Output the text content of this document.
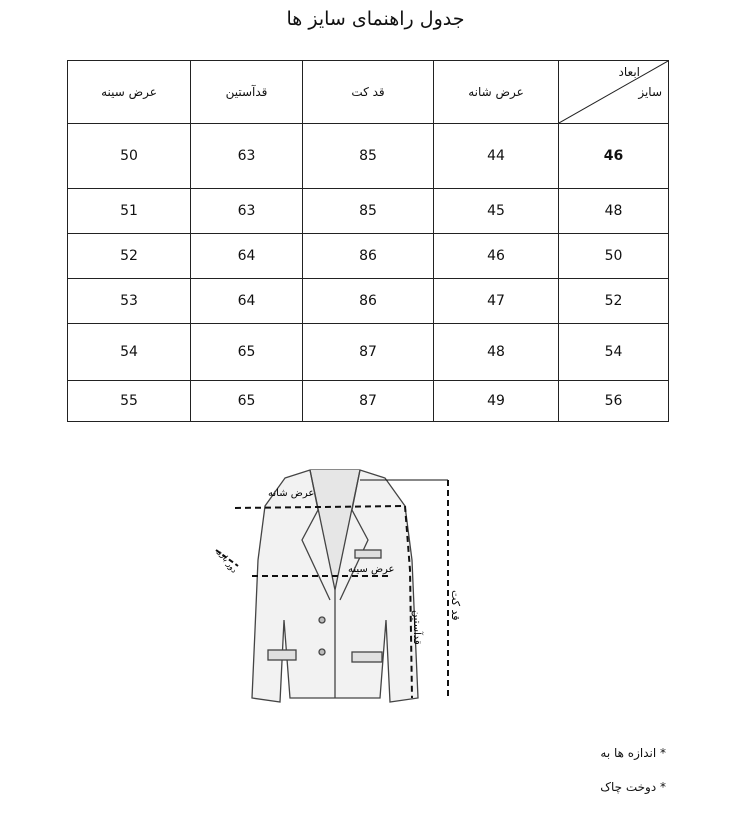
جدول راهنمای سایز ها
عرض سینه	قدآستین	قد کت	عرض شانه	ابعاد
سایز

50	63	85	44	46
51	63	85	45	48
52	64	86	46	50
53	64	86	47	52
54	65	87	48	54
55	65	87	49	56
عرض شانه
عرض سینه
قدآستین
قد کت
دور بازو
* اندازه ها به
* دوخت چاک
